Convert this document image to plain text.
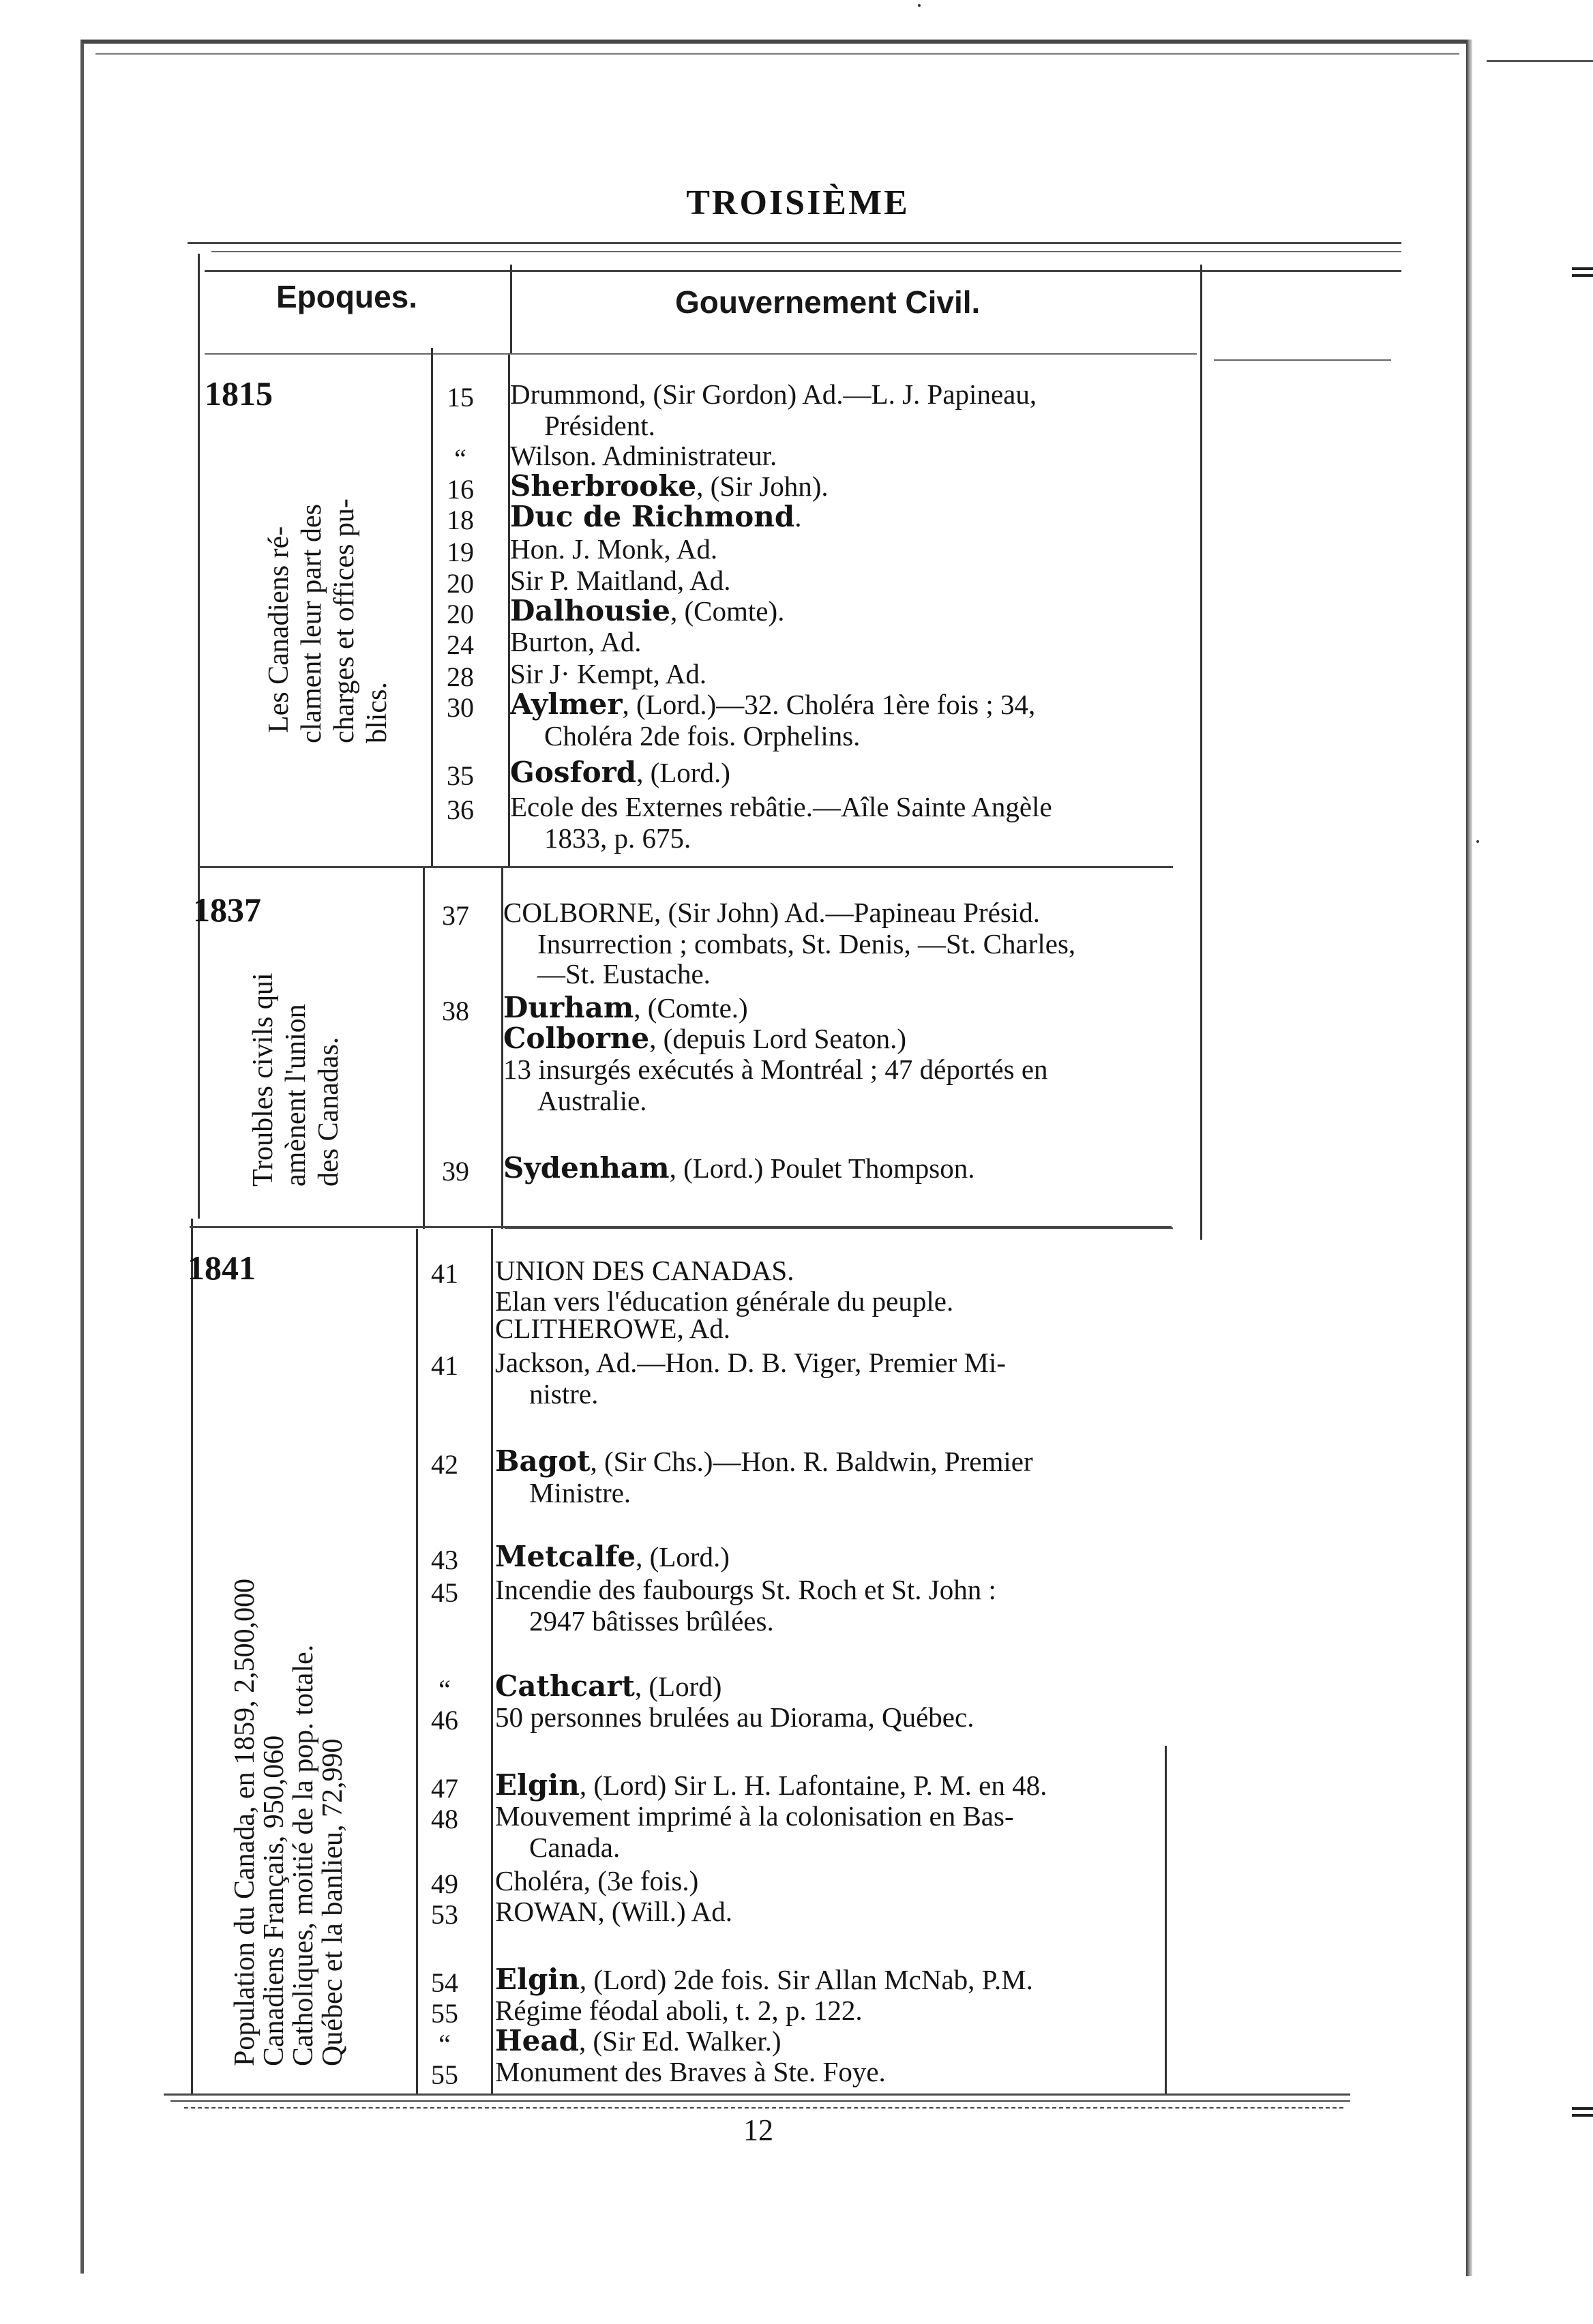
TROISIÈME
Epoques.	Gouvernement Civil.
1815
Les Canadiens ré- clament leur part des charges et offices pu- blics.
1837
Troubles civils qui amènent l'union des Canadas.
1841
Population du Canada, en 1859, 2,500,000
Canadiens Français, 950,060
Catholiques, moitié de la pop. totale.
Québec et la banlieu, 72,990
15	Drummond, (Sir Gordon) Ad.—L. J. Papineau,
Président.
“	Wilson. Administrateur.
16	Sherbrooke, (Sir John).
18	Duc de Richmond.
19	Hon. J. Monk, Ad.
20	Sir P. Maitland, Ad.
20	Dalhousie, (Comte).
24	Burton, Ad.
28	Sir J· Kempt, Ad.
30	Aylmer, (Lord.)—32. Choléra 1ère fois ; 34,
Choléra 2de fois. Orphelins.
35	Gosford, (Lord.)
36	Ecole des Externes rebâtie.—Aîle Sainte Angèle
1833, p. 675.
37	COLBORNE, (Sir John) Ad.—Papineau Présid.
Insurrection ; combats, St. Denis, —St. Charles,
—St. Eustache.
38	Durham, (Comte.)
Colborne, (depuis Lord Seaton.)
13 insurgés exécutés à Montréal ; 47 déportés en
Australie.
39	Sydenham, (Lord.) Poulet Thompson.
41	UNION DES CANADAS.
Elan vers l'éducation générale du peuple.
CLITHEROWE, Ad.
41	Jackson, Ad.—Hon. D. B. Viger, Premier Mi-
nistre.
42	Bagot, (Sir Chs.)—Hon. R. Baldwin, Premier
Ministre.
43	Metcalfe, (Lord.)
45	Incendie des faubourgs St. Roch et St. John :
2947 bâtisses brûlées.
“	Cathcart, (Lord)
46	50 personnes brulées au Diorama, Québec.
47	Elgin, (Lord) Sir L. H. Lafontaine, P. M. en 48.
48	Mouvement imprimé à la colonisation en Bas-
Canada.
49	Choléra, (3e fois.)
53	ROWAN, (Will.) Ad.
54	Elgin, (Lord) 2de fois. Sir Allan McNab, P.M.
55	Régime féodal aboli, t. 2, p. 122.
“	Head, (Sir Ed. Walker.)
55	Monument des Braves à Ste. Foye.
12
